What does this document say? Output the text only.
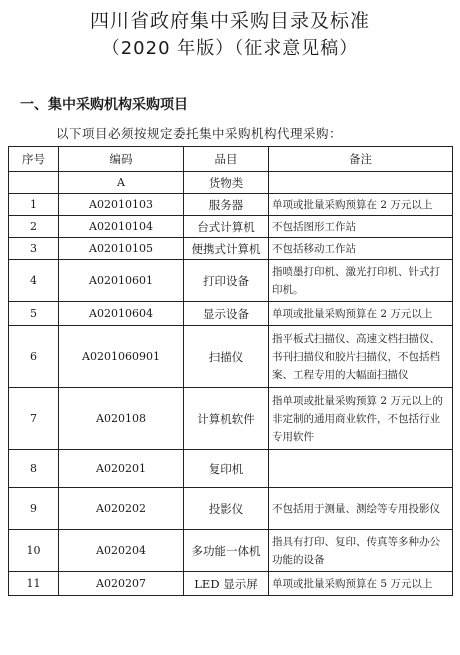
四川省政府集中采购目录及标准
（2020 年版）（征求意见稿）
一、集中采购机构采购项目
以下项目必须按规定委托集中采购机构代理采购：
序号	编码	品目	备注
	A	货物类	
1	A02010103	服务器	单项或批量采购预算在 2 万元以上
2	A02010104	台式计算机	不包括图形工作站
3	A02010105	便携式计算机	不包括移动工作站
4	A02010601	打印设备	指喷墨打印机、激光打印机、针式打印机。
5	A02010604	显示设备	单项或批量采购预算在 2 万元以上
6	A0201060901	扫描仪	指平板式扫描仪、高速文档扫描仪、书刊扫描仪和胶片扫描仪，不包括档案、工程专用的大幅面扫描仪
7	A020108	计算机软件	指单项或批量采购预算 2 万元以上的非定制的通用商业软件，不包括行业专用软件
8	A020201	复印机	
9	A020202	投影仪	不包括用于测量、测绘等专用投影仪
10	A020204	多功能一体机	指具有打印、复印、传真等多种办公功能的设备
11	A020207	LED 显示屏	单项或批量采购预算在 5 万元以上
